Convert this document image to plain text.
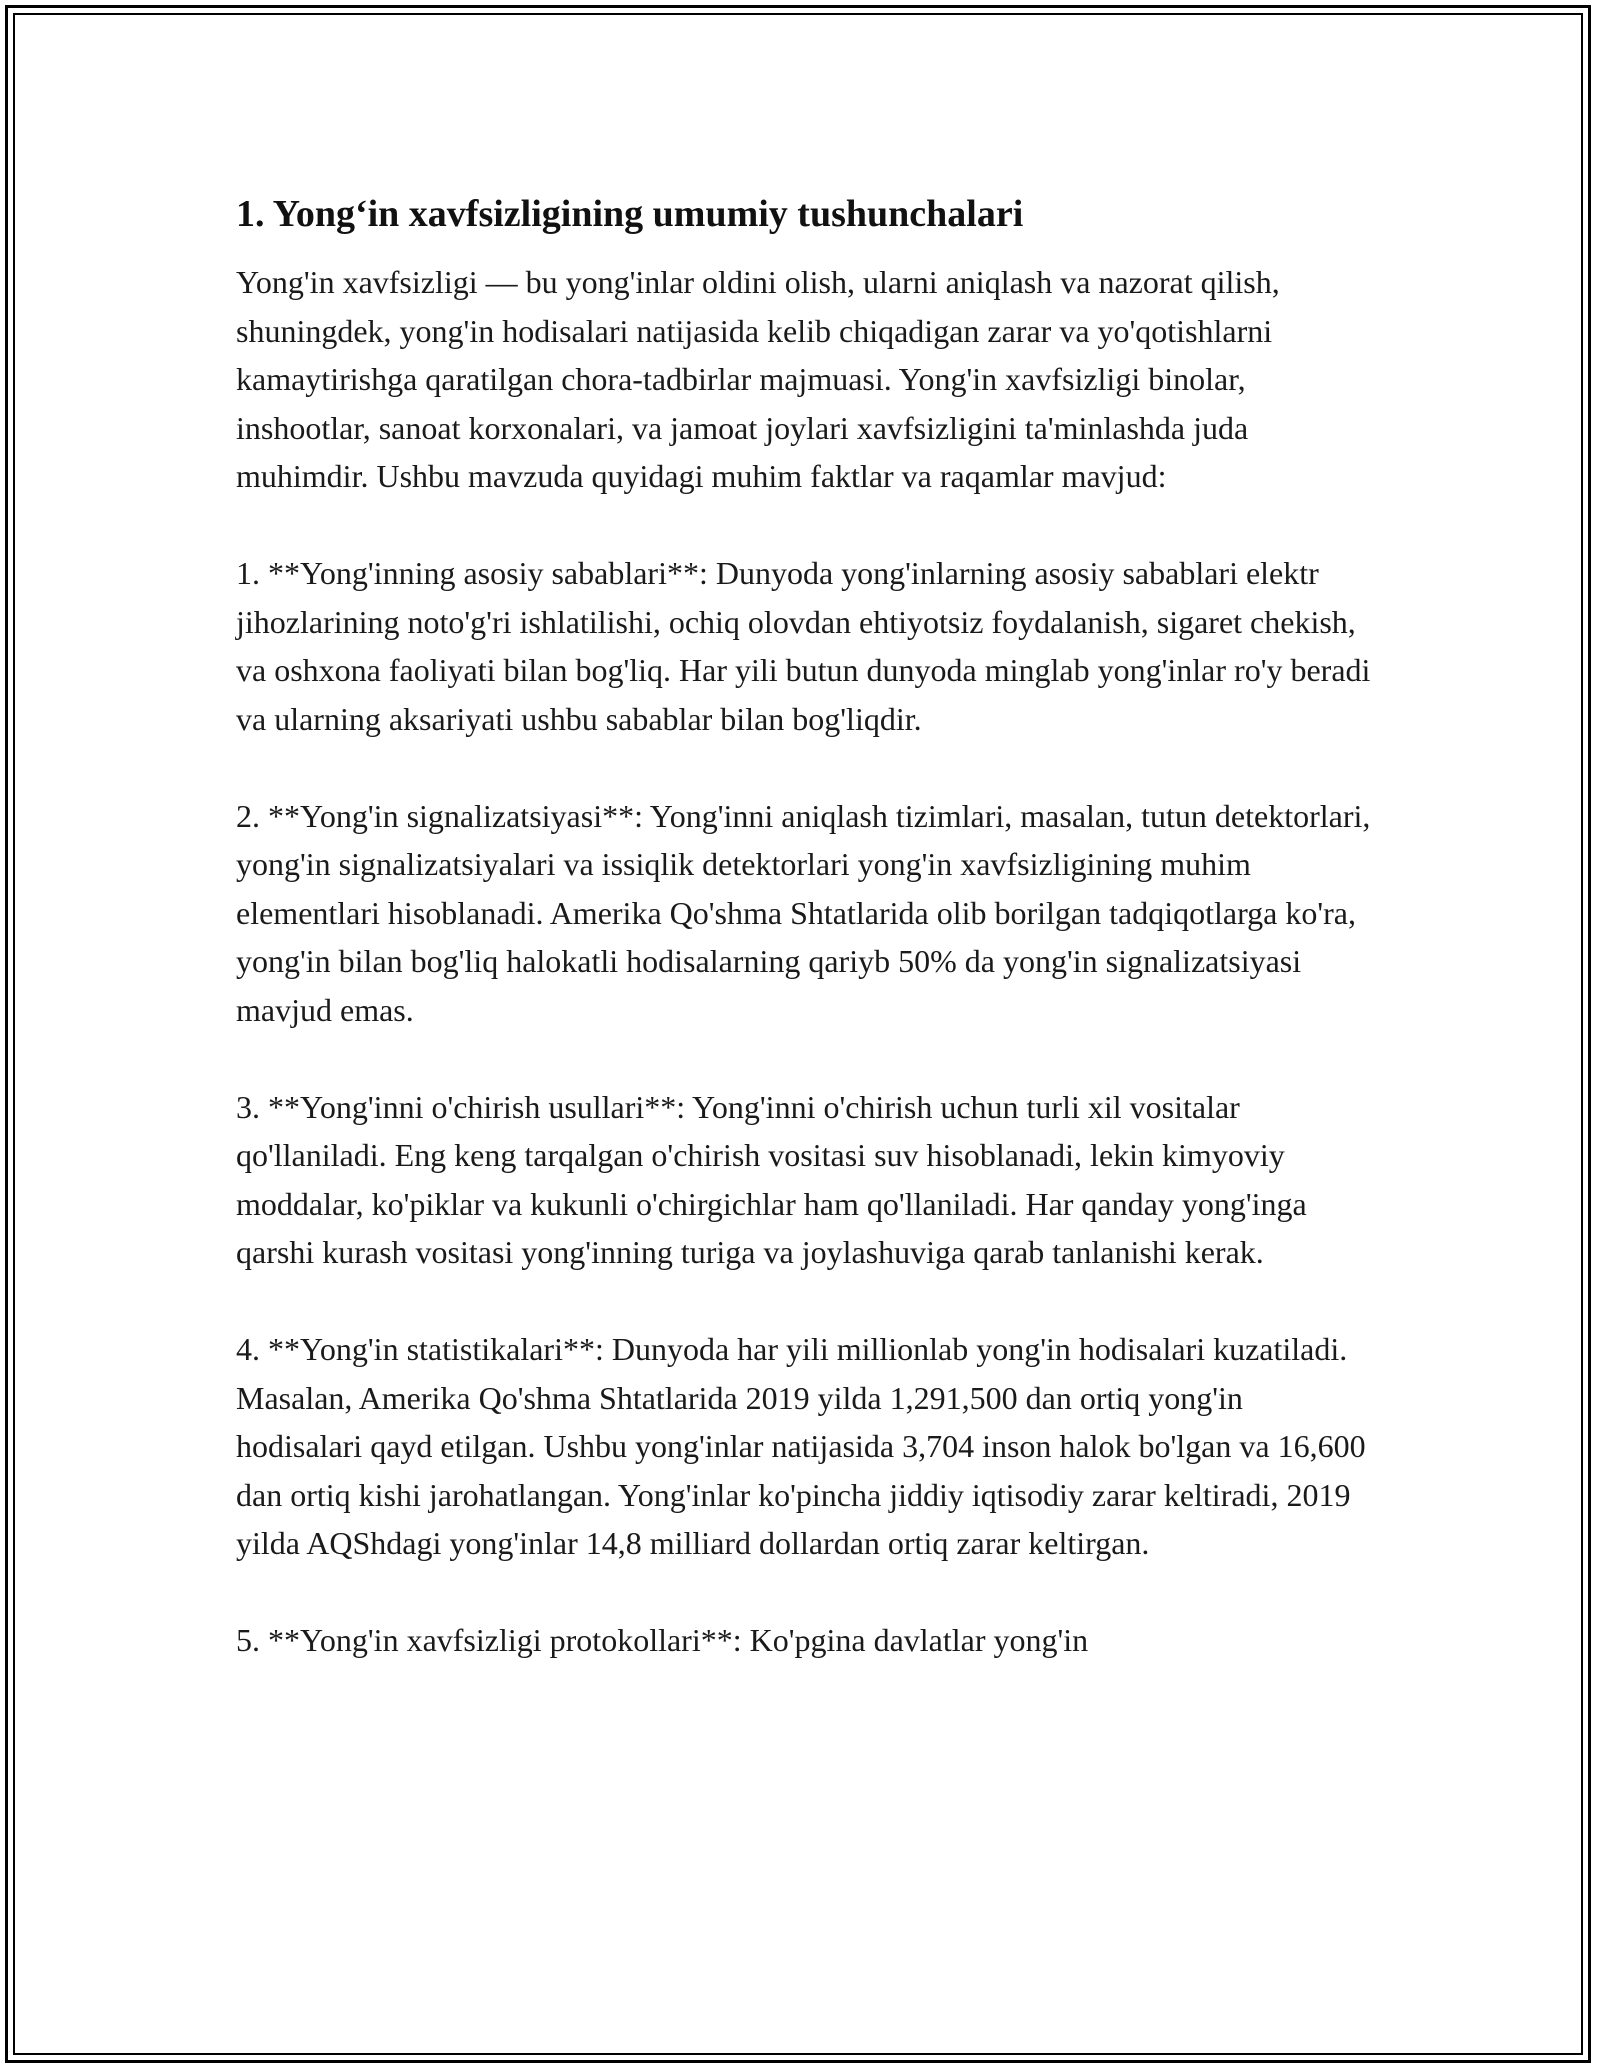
1. Yong‘in xavfsizligining umumiy tushunchalari

Yong'in xavfsizligi — bu yong'inlar oldini olish, ularni aniqlash va nazorat qilish, shuningdek, yong'in hodisalari natijasida kelib chiqadigan zarar va yo'qotishlarni kamaytirishga qaratilgan chora-tadbirlar majmuasi. Yong'in xavfsizligi binolar, inshootlar, sanoat korxonalari, va jamoat joylari xavfsizligini ta'minlashda juda muhimdir. Ushbu mavzuda quyidagi muhim faktlar va raqamlar mavjud:

1. **Yong'inning asosiy sabablari**: Dunyoda yong'inlarning asosiy sabablari elektr jihozlarining noto'g'ri ishlatilishi, ochiq olovdan ehtiyotsiz foydalanish, sigaret chekish, va oshxona faoliyati bilan bog'liq. Har yili butun dunyoda minglab yong'inlar ro'y beradi va ularning aksariyati ushbu sabablar bilan bog'liqdir.

2. **Yong'in signalizatsiyasi**: Yong'inni aniqlash tizimlari, masalan, tutun detektorlari, yong'in signalizatsiyalari va issiqlik detektorlari yong'in xavfsizligining muhim elementlari hisoblanadi. Amerika Qo'shma Shtatlarida olib borilgan tadqiqotlarga ko'ra, yong'in bilan bog'liq halokatli hodisalarning qariyb 50% da yong'in signalizatsiyasi mavjud emas.

3. **Yong'inni o'chirish usullari**: Yong'inni o'chirish uchun turli xil vositalar qo'llaniladi. Eng keng tarqalgan o'chirish vositasi suv hisoblanadi, lekin kimyoviy moddalar, ko'piklar va kukunli o'chirgichlar ham qo'llaniladi. Har qanday yong'inga qarshi kurash vositasi yong'inning turiga va joylashuviga qarab tanlanishi kerak.

4. **Yong'in statistikalari**: Dunyoda har yili millionlab yong'in hodisalari kuzatiladi. Masalan, Amerika Qo'shma Shtatlarida 2019 yilda 1,291,500 dan ortiq yong'in hodisalari qayd etilgan. Ushbu yong'inlar natijasida 3,704 inson halok bo'lgan va 16,600 dan ortiq kishi jarohatlangan. Yong'inlar ko'pincha jiddiy iqtisodiy zarar keltiradi, 2019 yilda AQShdagi yong'inlar 14,8 milliard dollardan ortiq zarar keltirgan.

5. **Yong'in xavfsizligi protokollari**: Ko'pgina davlatlar yong'in
